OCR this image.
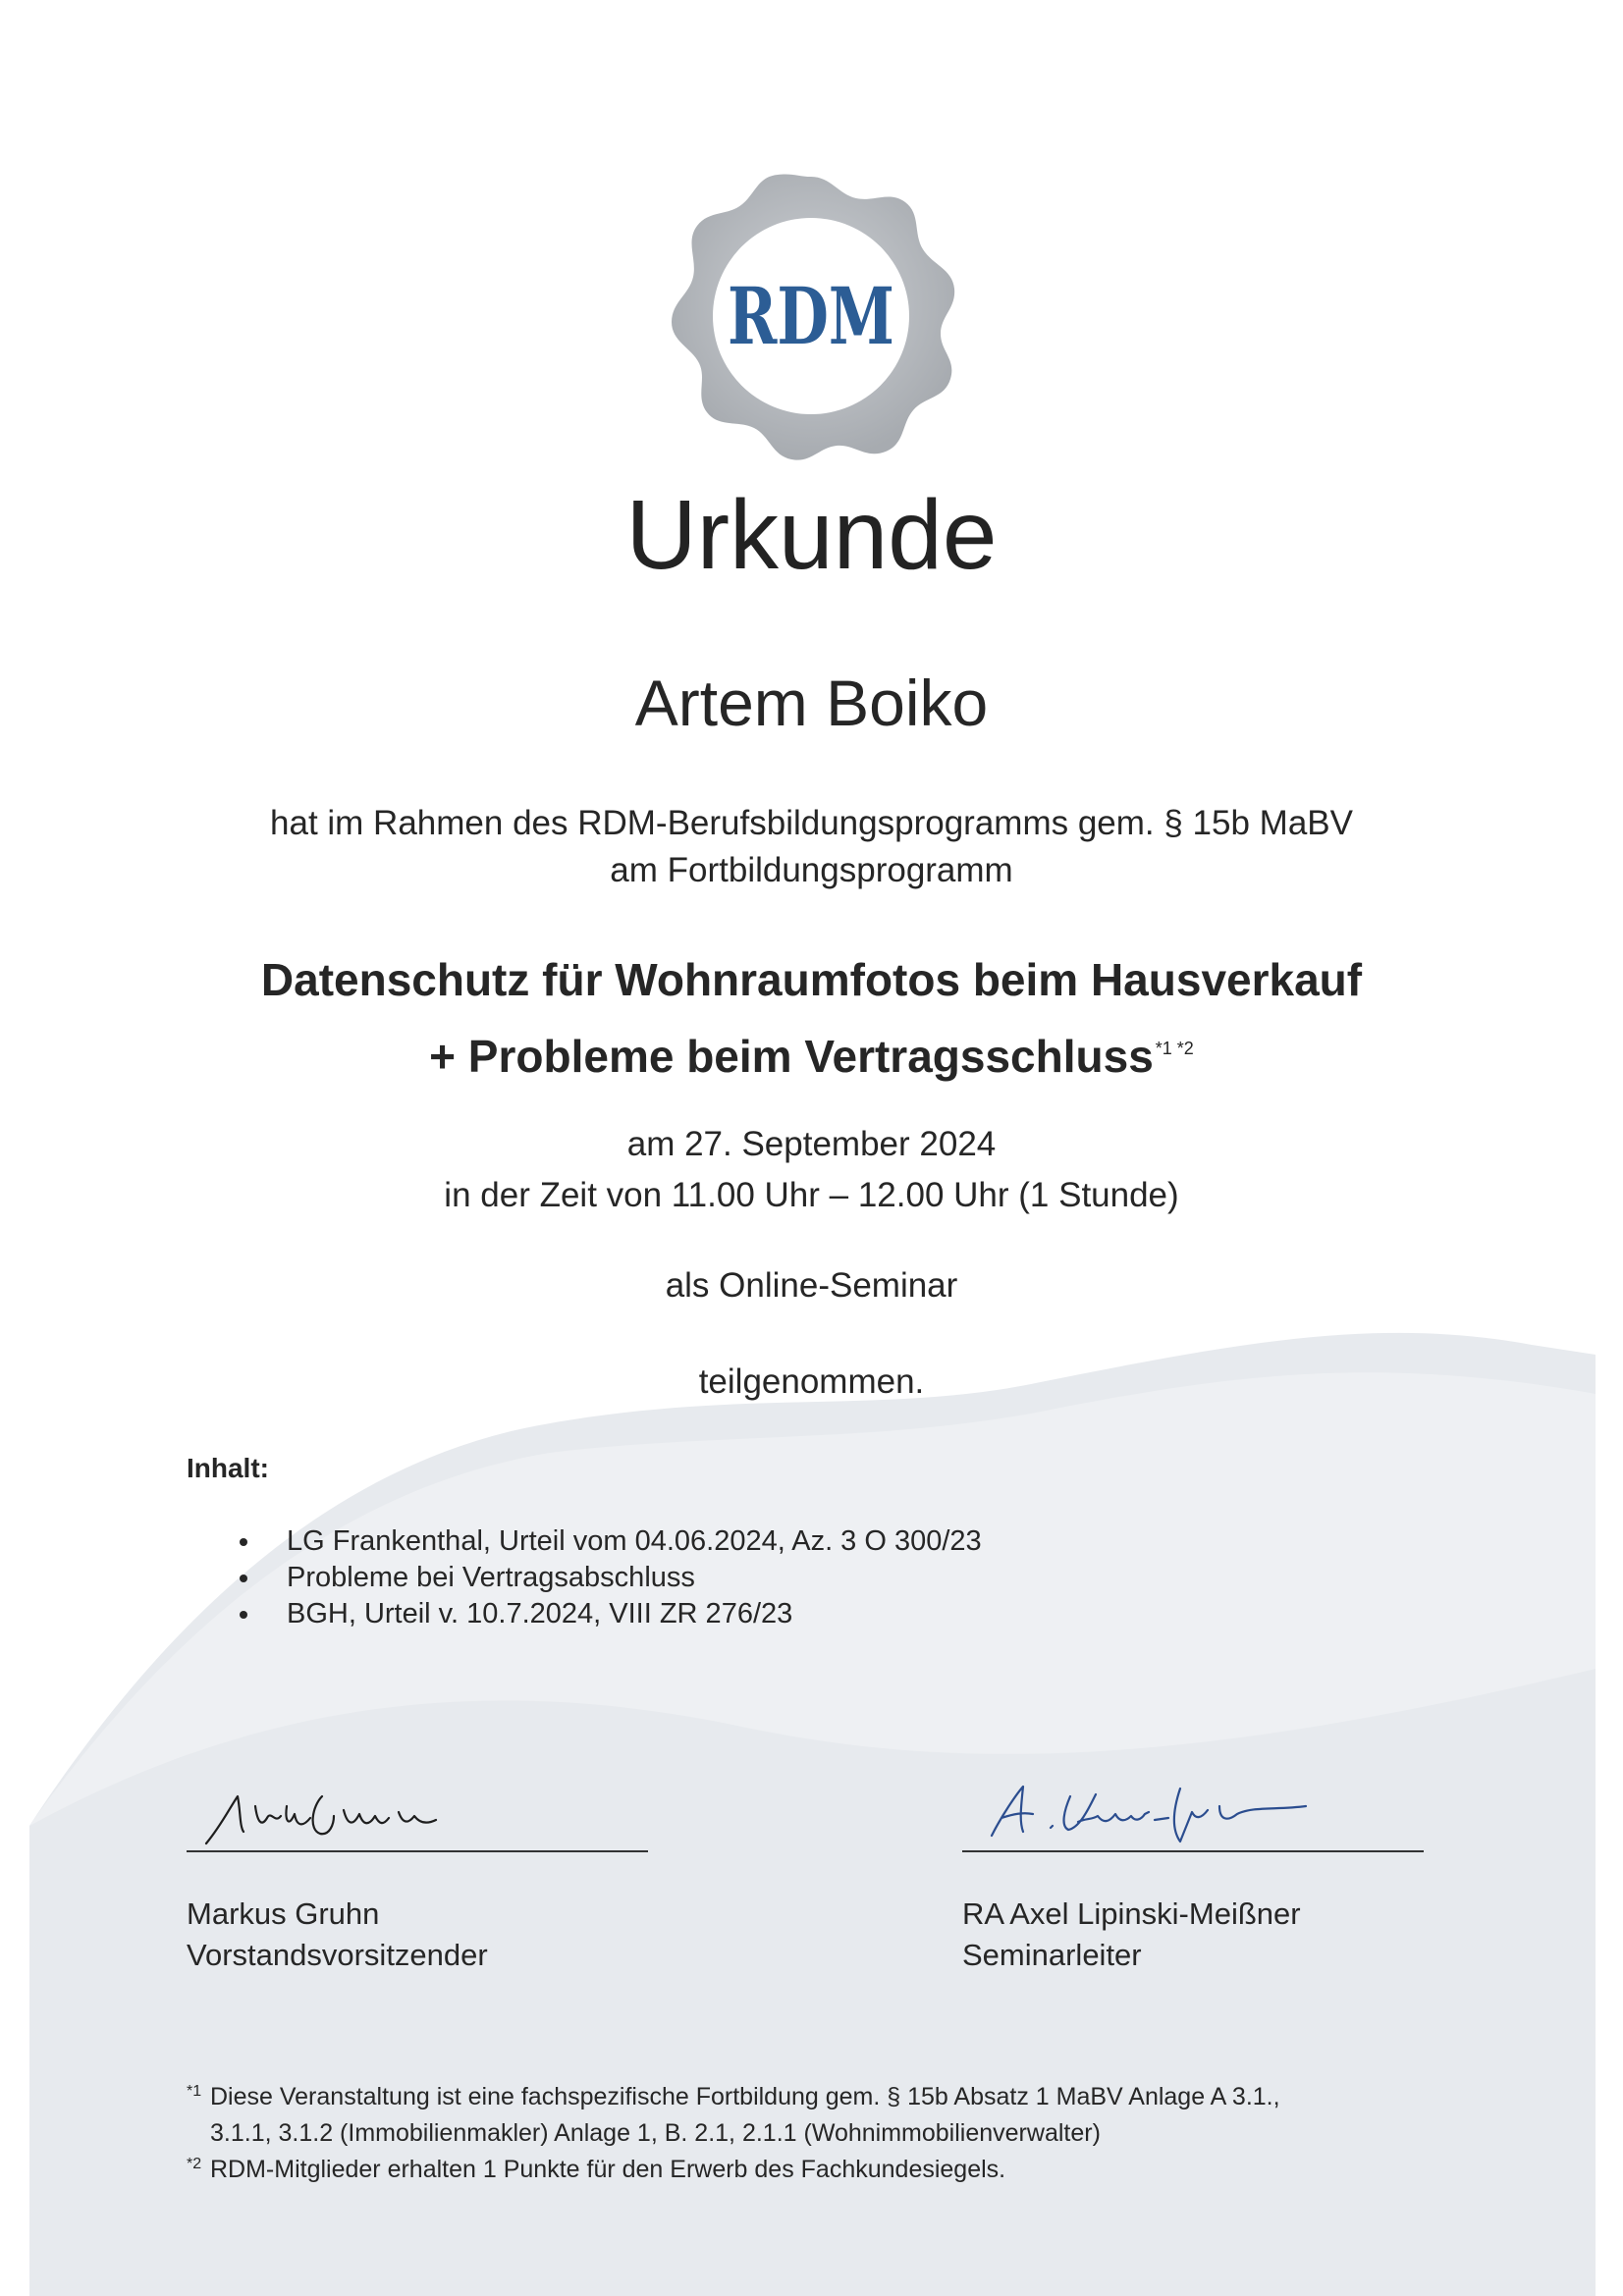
RDM
Urkunde
Artem Boiko
hat im Rahmen des RDM-Berufsbildungsprogramms gem. § 15b MaBV
am Fortbildungsprogramm
Datenschutz für Wohnraumfotos beim Hausverkauf
+ Probleme beim Vertragsschluss $^{*1 *2}$
am 27. September 2024
in der Zeit von 11.00 Uhr – 12.00 Uhr (1 Stunde)
als Online-Seminar
teilgenommen.
Inhalt:
LG Frankenthal, Urteil vom 04.06.2024, Az. 3 O 300/23
Probleme bei Vertragsabschluss
BGH, Urteil v. 10.7.2024, VIII ZR 276/23
Markus Gruhn
Vorstandsvorsitzender
RA Axel Lipinski-Meißner
Seminarleiter
*1 Diese Veranstaltung ist eine fachspezifische Fortbildung gem. § 15b Absatz 1 MaBV Anlage A 3.1.,
3.1.1, 3.1.2 (Immobilienmakler) Anlage 1, B. 2.1, 2.1.1 (Wohnimmobilienverwalter)
*2 RDM-Mitglieder erhalten 1 Punkte für den Erwerb des Fachkundesiegels.
